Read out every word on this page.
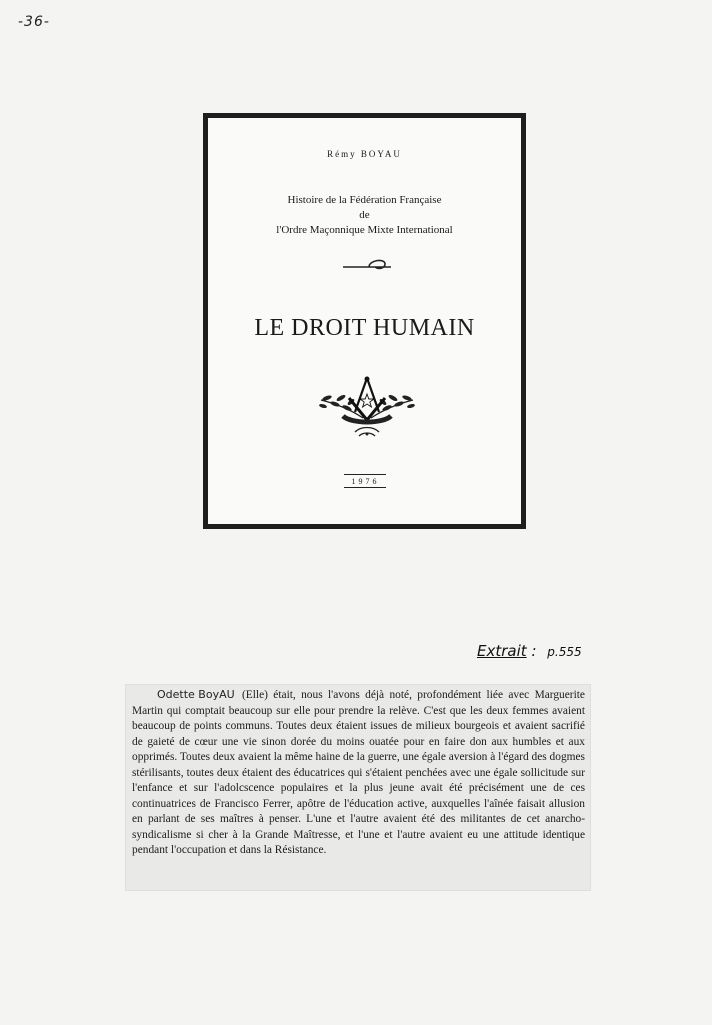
-36-
Rémy BOYAU
Histoire de la Fédération Française
de
l'Ordre Maçonnique Mixte International
LE DROIT HUMAIN
1976
Extrait : p.555
Odette BoyAU (Elle) était, nous l'avons déjà noté, profondément liée avec Marguerite Martin qui comptait beaucoup sur elle pour prendre la relève. C'est que les deux femmes avaient beaucoup de points communs. Toutes deux étaient issues de milieux bourgeois et avaient sacrifié de gaieté de cœur une vie sinon dorée du moins ouatée pour en faire don aux humbles et aux opprimés. Toutes deux avaient la même haine de la guerre, une égale aversion à l'égard des dogmes stérilisants, toutes deux étaient des éducatrices qui s'étaient penchées avec une égale sollicitude sur l'enfance et sur l'adolcscence populaires et la plus jeune avait été précisément une de ces continuatrices de Francisco Ferrer, apôtre de l'éducation active, auxquelles l'aînée faisait allusion en parlant de ses maîtres à penser. L'une et l'autre avaient été des militantes de cet anarcho-syndicalisme si cher à la Grande Maîtresse, et l'une et l'autre avaient eu une attitude identique pendant l'occupation et dans la Résistance.
